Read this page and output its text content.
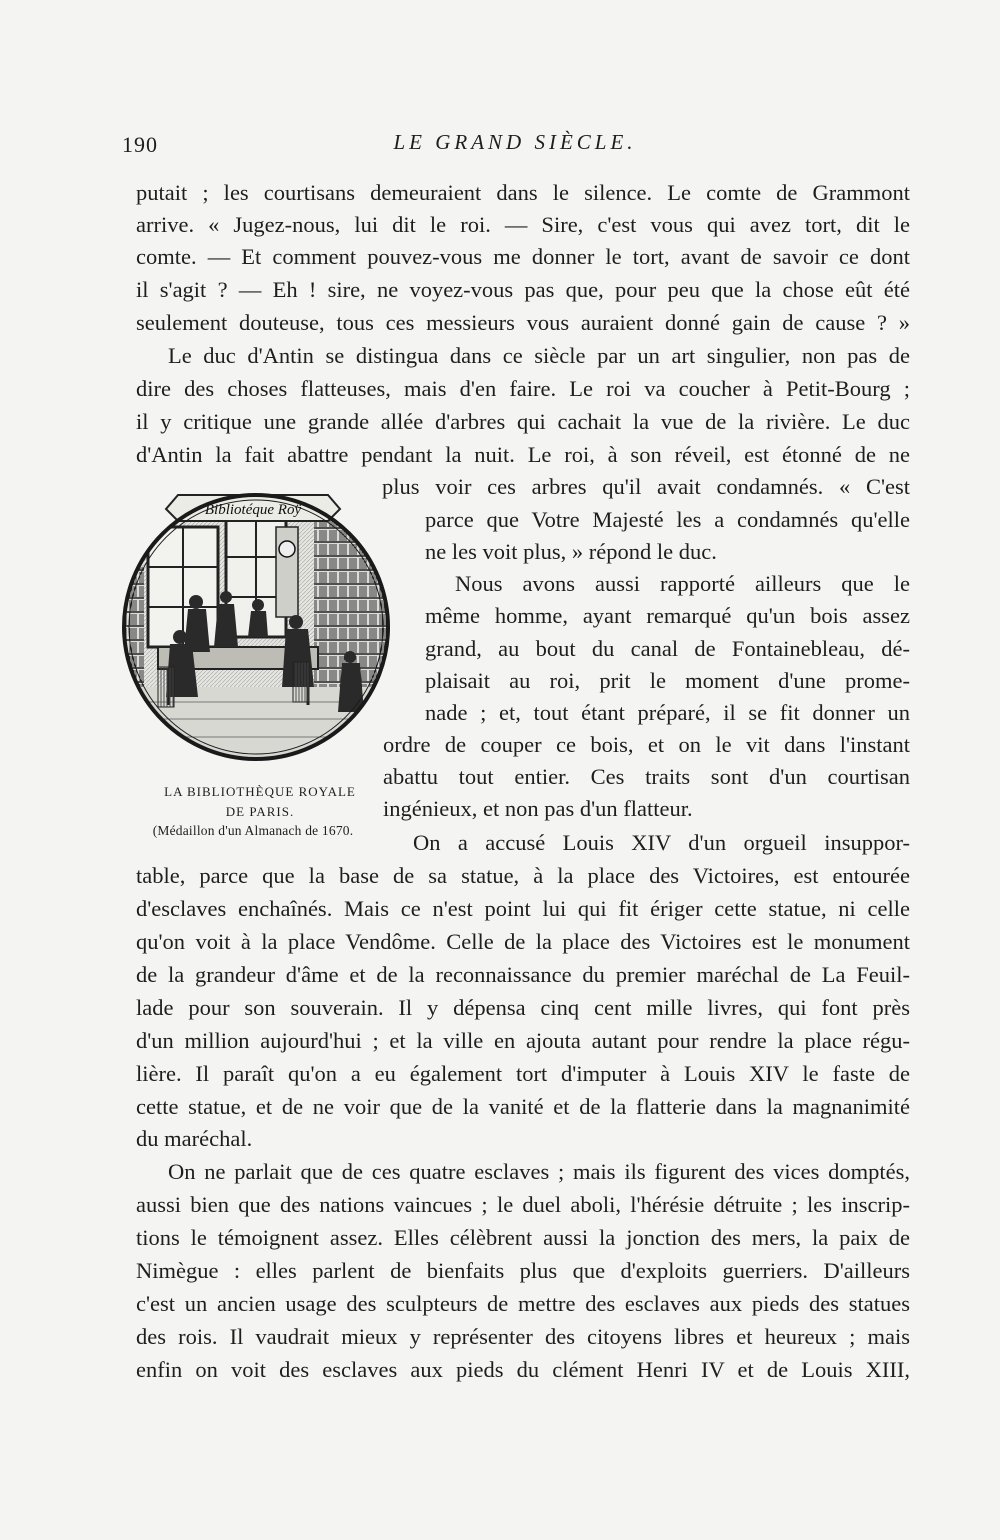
190	LE GRAND SIÈCLE.
Bibliotéque Roÿ
LA BIBLIOTHÈQUE ROYALE
DE PARIS.
(Médaillon d'un Almanach de 1670.
putait ; les courtisans demeuraient dans le silence. Le comte de Grammont
arrive. « Jugez-nous, lui dit le roi. — Sire, c'est vous qui avez tort, dit le
comte. — Et comment pouvez-vous me donner le tort, avant de savoir ce dont
il s'agit ? — Eh ! sire, ne voyez-vous pas que, pour peu que la chose eût été
seulement douteuse, tous ces messieurs vous auraient donné gain de cause ? »
Le duc d'Antin se distingua dans ce siècle par un art singulier, non pas de
dire des choses flatteuses, mais d'en faire. Le roi va coucher à Petit-Bourg ;
il y critique une grande allée d'arbres qui cachait la vue de la rivière. Le duc
d'Antin la fait abattre pendant la nuit. Le roi, à son réveil, est étonné de ne
plus voir ces arbres qu'il avait condamnés. « C'est
parce que Votre Majesté les a condamnés qu'elle
ne les voit plus, » répond le duc.
Nous avons aussi rapporté ailleurs que le
même homme, ayant remarqué qu'un bois assez
grand, au bout du canal de Fontainebleau, dé-
plaisait au roi, prit le moment d'une prome-
nade ; et, tout étant préparé, il se fit donner un
ordre de couper ce bois, et on le vit dans l'instant
abattu tout entier. Ces traits sont d'un courtisan
ingénieux, et non pas d'un flatteur.
On a accusé Louis XIV d'un orgueil insuppor-
table, parce que la base de sa statue, à la place des Victoires, est entourée
d'esclaves enchaînés. Mais ce n'est point lui qui fit ériger cette statue, ni celle
qu'on voit à la place Vendôme. Celle de la place des Victoires est le monument
de la grandeur d'âme et de la reconnaissance du premier maréchal de La Feuil-
lade pour son souverain. Il y dépensa cinq cent mille livres, qui font près
d'un million aujourd'hui ; et la ville en ajouta autant pour rendre la place régu-
lière. Il paraît qu'on a eu également tort d'imputer à Louis XIV le faste de
cette statue, et de ne voir que de la vanité et de la flatterie dans la magnanimité
du maréchal.
On ne parlait que de ces quatre esclaves ; mais ils figurent des vices domptés,
aussi bien que des nations vaincues ; le duel aboli, l'hérésie détruite ; les inscrip-
tions le témoignent assez. Elles célèbrent aussi la jonction des mers, la paix de
Nimègue : elles parlent de bienfaits plus que d'exploits guerriers. D'ailleurs
c'est un ancien usage des sculpteurs de mettre des esclaves aux pieds des statues
des rois. Il vaudrait mieux y représenter des citoyens libres et heureux ; mais
enfin on voit des esclaves aux pieds du clément Henri IV et de Louis XIII,
